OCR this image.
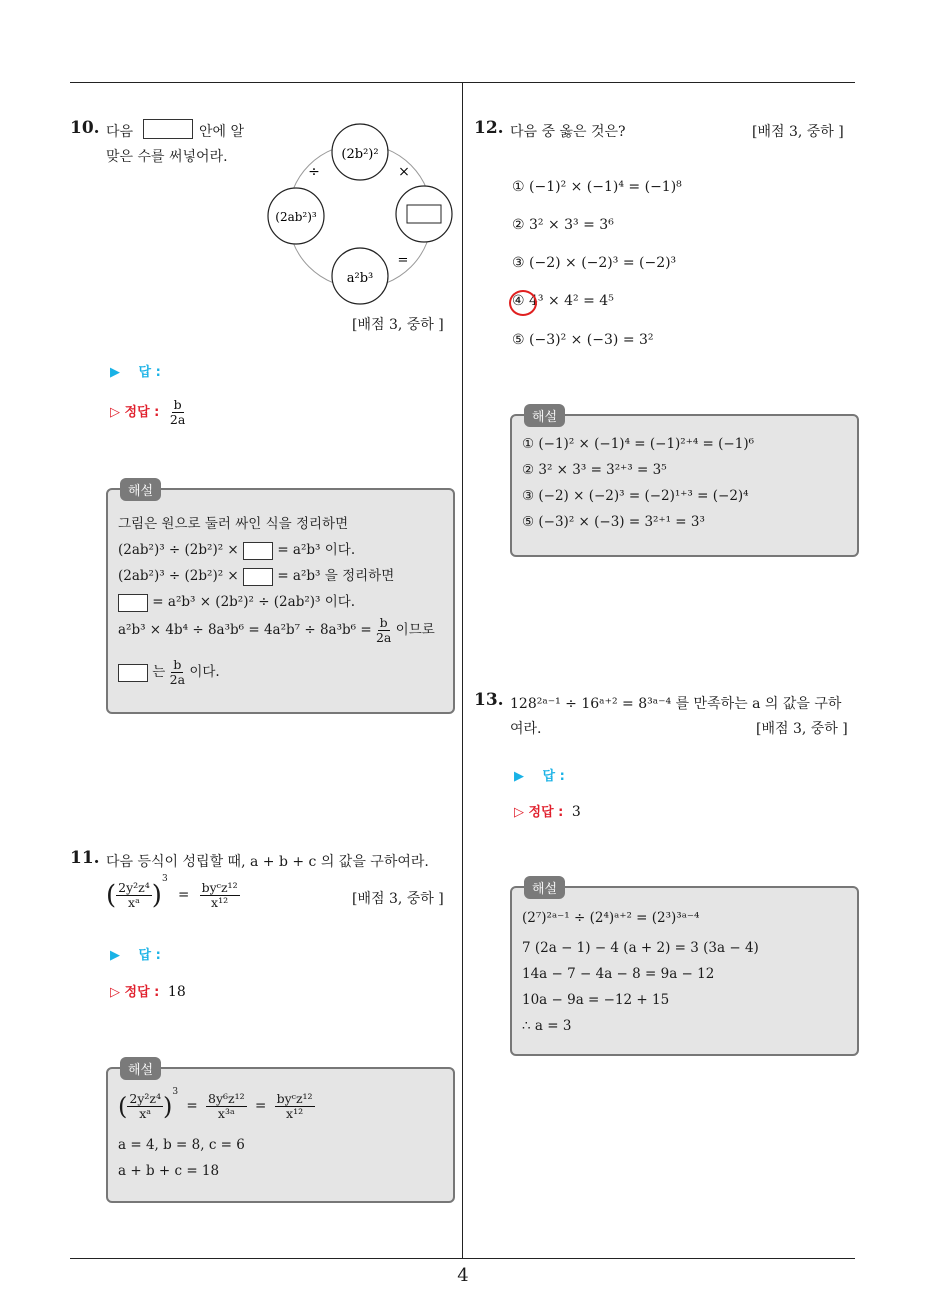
4
10. 다음	안에 알
맞은 수를 써넣어라.	(2b²)²
(2ab²)³
a²b³
÷	×
=
[배점 3, 중하 ]
▶ 답 :
▷ 정답 : $\frac{b}{2a}$
해설
그림은 원으로 둘러 싸인 식을 정리하면
(2ab²)³ ÷ (2b²)² ×	= a²b³ 이다.
(2ab²)³ ÷ (2b²)² ×	= a²b³ 을 정리하면
= a²b³ × (2b²)² ÷ (2ab²)³ 이다.
$a^2b^3 \times 4b^4 \div 8a^3b^6 = 4a^2b^7 \div 8a^3b^6 = \frac{b}{2a}$ 이므로
는 $\frac{b}{2a}$ 이다.
11. 다음 등식이 성립할 때, a + b + c 의 값을 구하여라.
( $\frac{\text{2y²z⁴}}{\text{xᵃ}} )^3 = \frac{\text{byᶜz¹²}}{\text{x¹²}}$	[배점 3, 중하 ]
▶ 답 :
▷ 정답 : 18
해설
( $\frac{\text{2y²z⁴}}{\text{xᵃ}} )^3 = \frac{\text{8y⁶z¹²}}{\text{x³ᵃ}} = \frac{\text{byᶜz¹²}}{\text{x¹²}}$
a = 4, b = 8, c = 6
a + b + c = 18
12. 다음 중 옳은 것은?	[배점 3, 중하 ]
① (−1)² × (−1)⁴ = (−1)⁸
② 3² × 3³ = 3⁶
③ (−2) × (−2)³ = (−2)³
④ 4³ × 4² = 4⁵
⑤ (−3)² × (−3) = 3²
해설
① (−1)² × (−1)⁴ = (−1)²⁺⁴ = (−1)⁶
② 3² × 3³ = 3²⁺³ = 3⁵
③ (−2) × (−2)³ = (−2)¹⁺³ = (−2)⁴
⑤ (−3)² × (−3) = 3²⁺¹ = 3³
13. 128²ᵃ⁻¹ ÷ 16ᵃ⁺² = 8³ᵃ⁻⁴ 를 만족하는 a 의 값을 구하
여라.	[배점 3, 중하 ]
▶ 답 :
▷ 정답 : 3
해설
(2⁷)²ᵃ⁻¹ ÷ (2⁴)ᵃ⁺² = (2³)³ᵃ⁻⁴
7 (2a − 1) − 4 (a + 2) = 3 (3a − 4)
14a − 7 − 4a − 8 = 9a − 12
10a − 9a = −12 + 15
∴ a = 3
